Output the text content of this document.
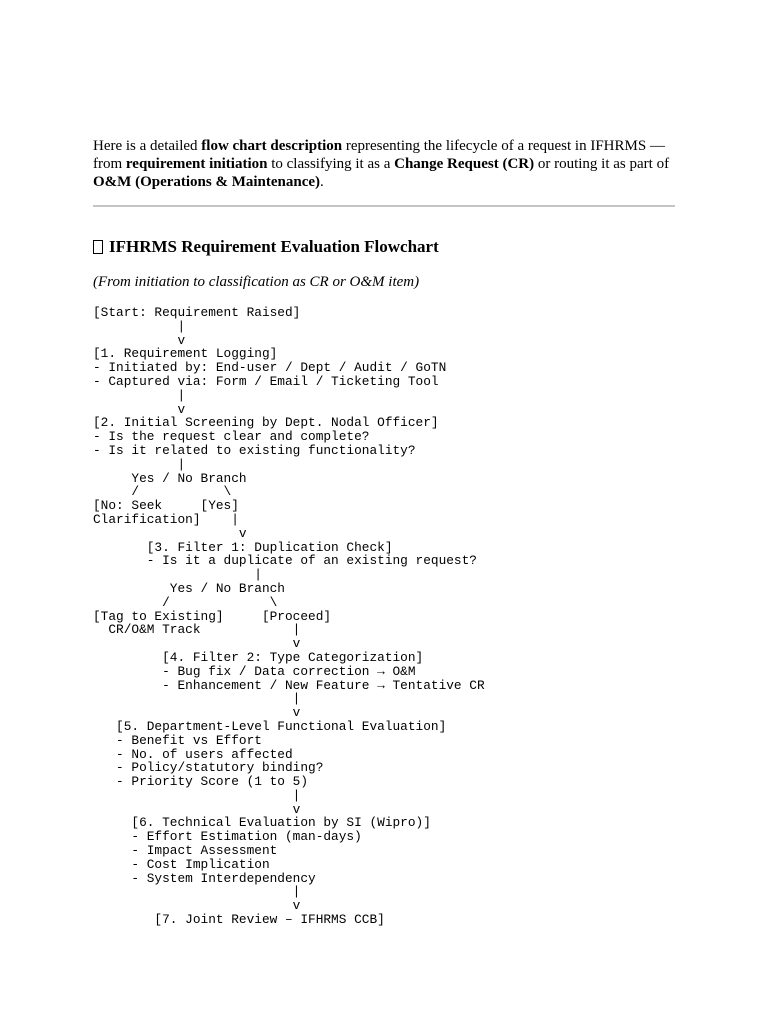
Here is a detailed flow chart description representing the lifecycle of a request in IFHRMS — from requirement initiation to classifying it as a Change Request (CR) or routing it as part of O&M (Operations & Maintenance).

IFHRMS Requirement Evaluation Flowchart

(From initiation to classification as CR or O&M item)

[Start: Requirement Raised]
|
v
[1. Requirement Logging]
- Initiated by: End-user / Dept / Audit / GoTN
- Captured via: Form / Email / Ticketing Tool
|
v
[2. Initial Screening by Dept. Nodal Officer]
- Is the request clear and complete?
- Is it related to existing functionality?
|
Yes / No Branch
/           \
[No: Seek     [Yes]
Clarification]    |
v
[3. Filter 1: Duplication Check]
- Is it a duplicate of an existing request?
|
Yes / No Branch
/             \
[Tag to Existing]     [Proceed]
CR/O&M Track            |
v
[4. Filter 2: Type Categorization]
- Bug fix / Data correction → O&M
- Enhancement / New Feature → Tentative CR
|
v
[5. Department-Level Functional Evaluation]
- Benefit vs Effort
- No. of users affected
- Policy/statutory binding?
- Priority Score (1 to 5)
|
v
[6. Technical Evaluation by SI (Wipro)]
- Effort Estimation (man-days)
- Impact Assessment
- Cost Implication
- System Interdependency
|
v
[7. Joint Review – IFHRMS CCB]
